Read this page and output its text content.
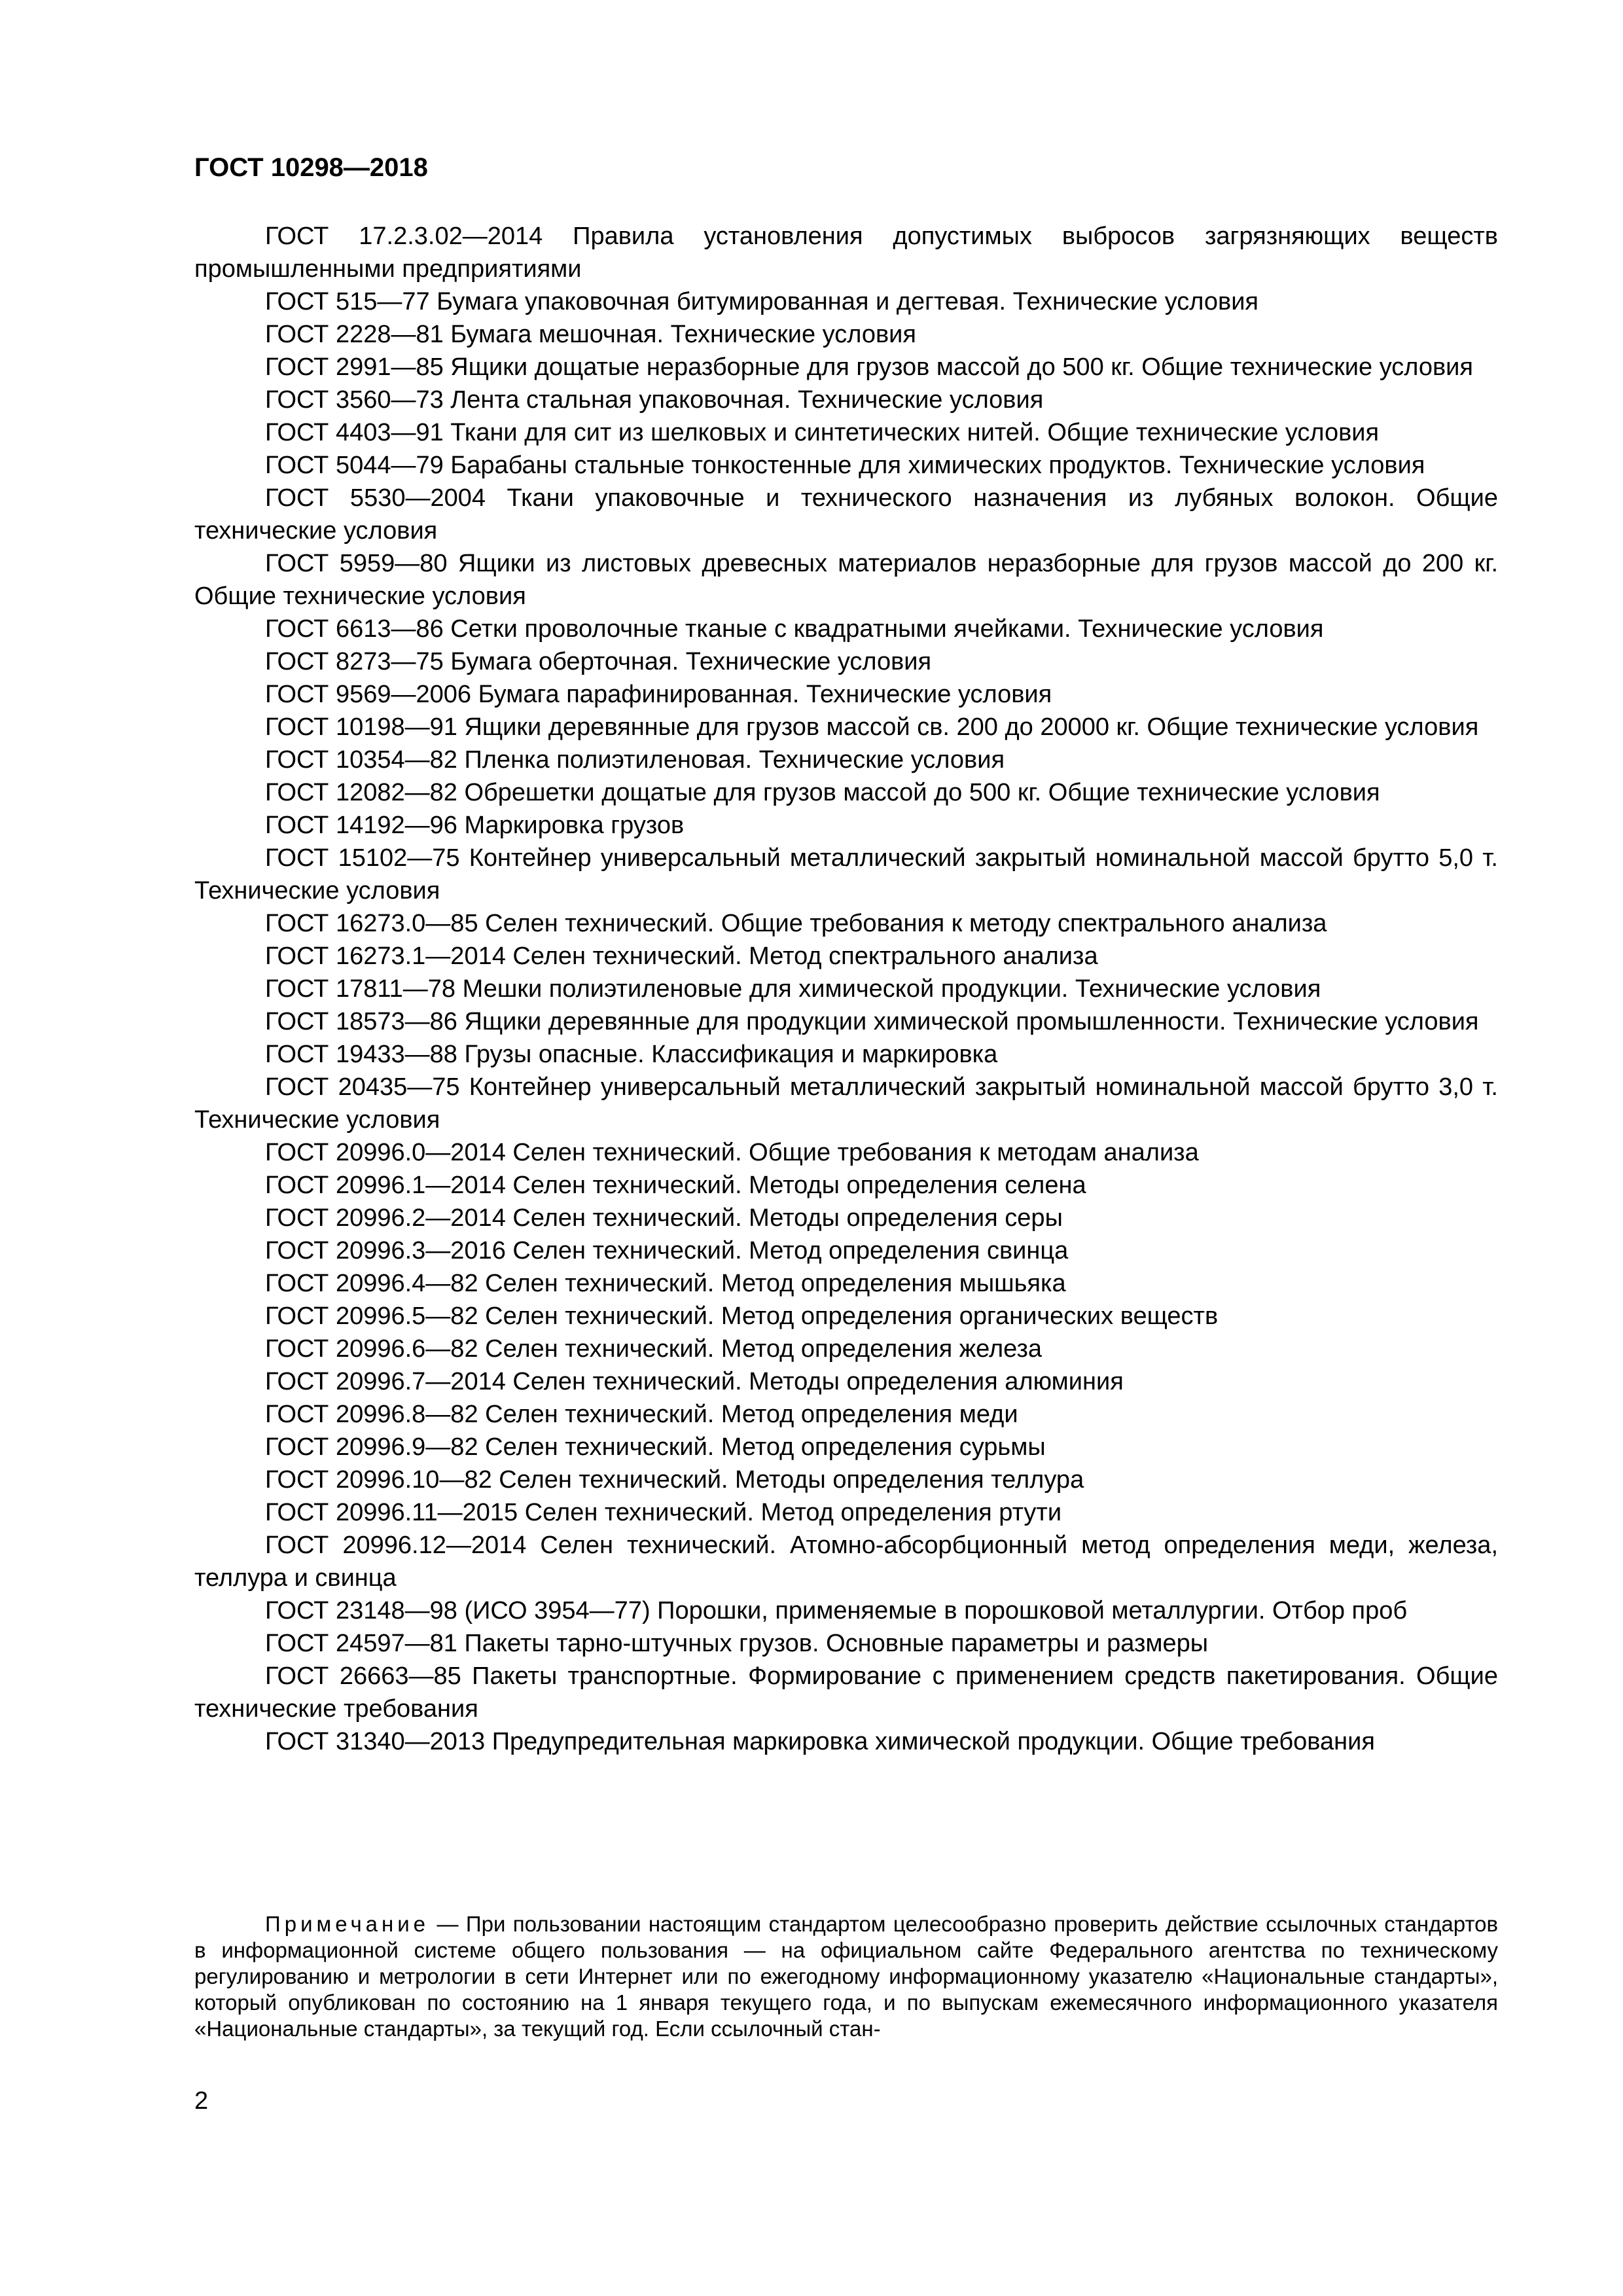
ГОСТ 10298—2018

ГОСТ 17.2.3.02—2014 Правила установления допустимых выбросов загрязняющих веществ промышленными предприятиями

ГОСТ 515—77 Бумага упаковочная битумированная и дегтевая. Технические условия

ГОСТ 2228—81 Бумага мешочная. Технические условия

ГОСТ 2991—85 Ящики дощатые неразборные для грузов массой до 500 кг. Общие технические условия

ГОСТ 3560—73 Лента стальная упаковочная. Технические условия

ГОСТ 4403—91 Ткани для сит из шелковых и синтетических нитей. Общие технические условия

ГОСТ 5044—79 Барабаны стальные тонкостенные для химических продуктов. Технические условия

ГОСТ 5530—2004 Ткани упаковочные и технического назначения из лубяных волокон. Общие технические условия

ГОСТ 5959—80 Ящики из листовых древесных материалов неразборные для грузов массой до 200 кг. Общие технические условия

ГОСТ 6613—86 Сетки проволочные тканые с квадратными ячейками. Технические условия

ГОСТ 8273—75 Бумага оберточная. Технические условия

ГОСТ 9569—2006 Бумага парафинированная. Технические условия

ГОСТ 10198—91 Ящики деревянные для грузов массой св. 200 до 20000 кг. Общие технические условия

ГОСТ 10354—82 Пленка полиэтиленовая. Технические условия

ГОСТ 12082—82 Обрешетки дощатые для грузов массой до 500 кг. Общие технические условия

ГОСТ 14192—96 Маркировка грузов

ГОСТ 15102—75 Контейнер универсальный металлический закрытый номинальной массой брутто 5,0 т. Технические условия

ГОСТ 16273.0—85 Селен технический. Общие требования к методу спектрального анализа

ГОСТ 16273.1—2014 Селен технический. Метод спектрального анализа

ГОСТ 17811—78 Мешки полиэтиленовые для химической продукции. Технические условия

ГОСТ 18573—86 Ящики деревянные для продукции химической промышленности. Технические условия

ГОСТ 19433—88 Грузы опасные. Классификация и маркировка

ГОСТ 20435—75 Контейнер универсальный металлический закрытый номинальной массой брутто 3,0 т. Технические условия

ГОСТ 20996.0—2014 Селен технический. Общие требования к методам анализа

ГОСТ 20996.1—2014 Селен технический. Методы определения селена

ГОСТ 20996.2—2014 Селен технический. Методы определения серы

ГОСТ 20996.3—2016 Селен технический. Метод определения свинца

ГОСТ 20996.4—82 Селен технический. Метод определения мышьяка

ГОСТ 20996.5—82 Селен технический. Метод определения органических веществ

ГОСТ 20996.6—82 Селен технический. Метод определения железа

ГОСТ 20996.7—2014 Селен технический. Методы определения алюминия

ГОСТ 20996.8—82 Селен технический. Метод определения меди

ГОСТ 20996.9—82 Селен технический. Метод определения сурьмы

ГОСТ 20996.10—82 Селен технический. Методы определения теллура

ГОСТ 20996.11—2015 Селен технический. Метод определения ртути

ГОСТ 20996.12—2014 Селен технический. Атомно-абсорбционный метод определения меди, железа, теллура и свинца

ГОСТ 23148—98 (ИСО 3954—77) Порошки, применяемые в порошковой металлургии. Отбор проб

ГОСТ 24597—81 Пакеты тарно-штучных грузов. Основные параметры и размеры

ГОСТ 26663—85 Пакеты транспортные. Формирование с применением средств пакетирования. Общие технические требования

ГОСТ 31340—2013 Предупредительная маркировка химической продукции. Общие требования

Примечание — При пользовании настоящим стандартом целесообразно проверить действие ссылочных стандартов в информационной системе общего пользования — на официальном сайте Федерального агентства по техническому регулированию и метрологии в сети Интернет или по ежегодному информационному указателю «Национальные стандарты», который опубликован по состоянию на 1 января текущего года, и по выпускам ежемесячного информационного указателя «Национальные стандарты», за текущий год. Если ссылочный стан-
2
